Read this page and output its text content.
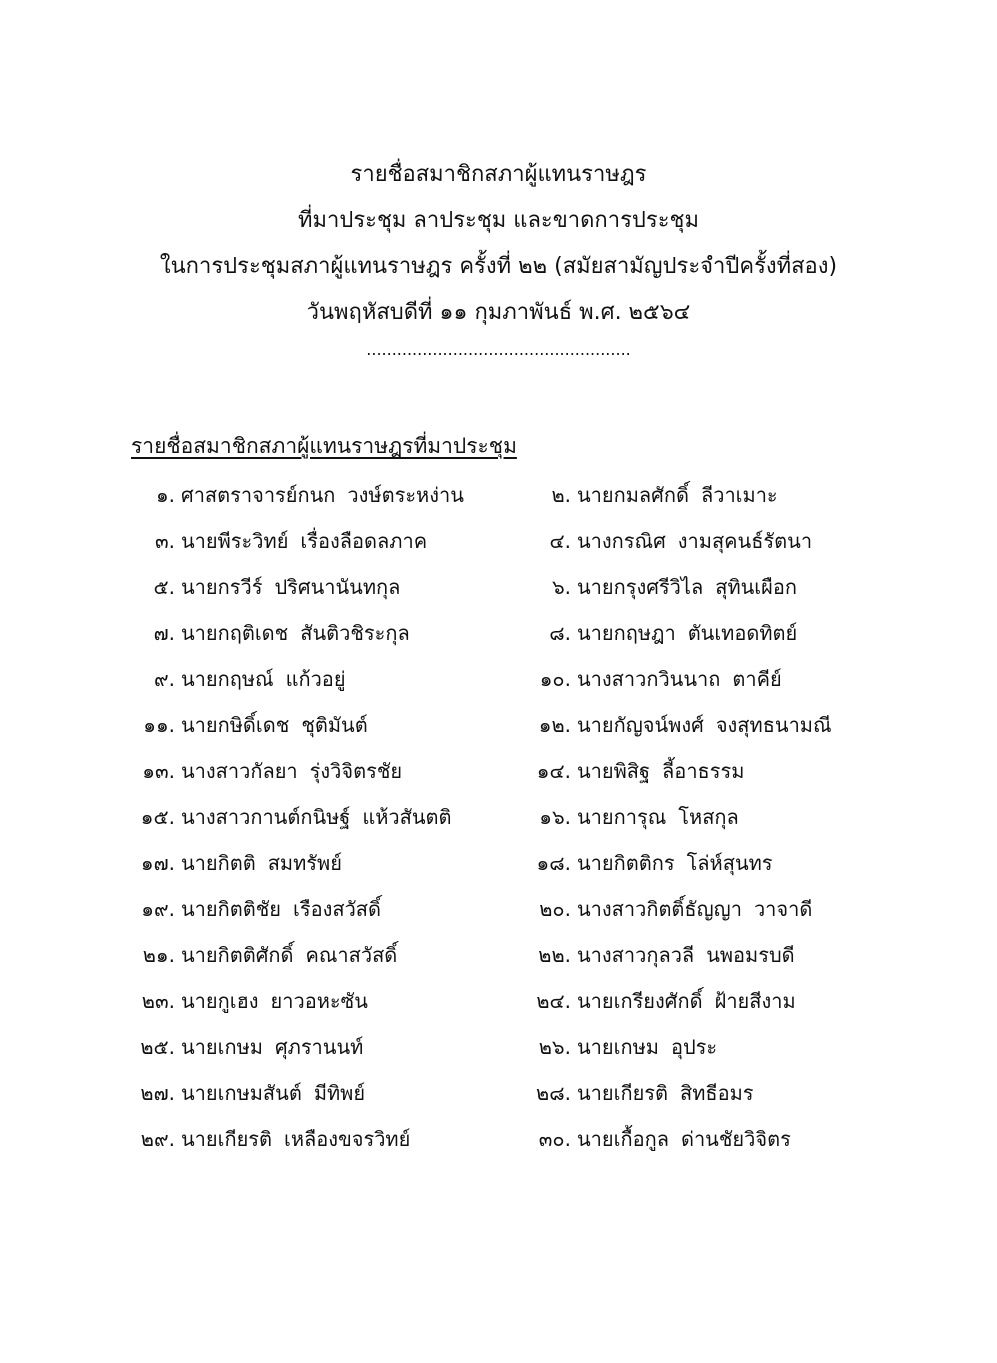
รายชื่อสมาชิกสภาผู้แทนราษฎร
ที่มาประชุม ลาประชุม และขาดการประชุม
ในการประชุมสภาผู้แทนราษฎร ครั้งที่ ๒๒ (สมัยสามัญประจำปีครั้งที่สอง)
วันพฤหัสบดีที่ ๑๑ กุมภาพันธ์ พ.ศ. ๒๕๖๔
....................................................
รายชื่อสมาชิกสภาผู้แทนราษฎรที่มาประชุม
๑. ศาสตราจารย์กนก วงษ์ตระหง่าน	๒. นายกมลศักดิ์ ลีวาเมาะ
๓. นายพีระวิทย์ เรื่องลือดลภาค	๔. นางกรณิศ งามสุคนธ์รัตนา
๕. นายกรวีร์ ปริศนานันทกุล	๖. นายกรุงศรีวิไล สุทินเผือก
๗. นายกฤติเดช สันติวชิระกุล	๘. นายกฤษฎา ตันเทอดทิตย์
๙. นายกฤษณ์ แก้วอยู่	๑๐. นางสาวกวินนาถ ตาคีย์
๑๑. นายกษิดิ์เดช ชุติมันต์	๑๒. นายกัญจน์พงศ์ จงสุทธนามณี
๑๓. นางสาวกัลยา รุ่งวิจิตรชัย	๑๔. นายพิสิฐ ลี้อาธรรม
๑๕. นางสาวกานต์กนิษฐ์ แห้วสันตติ	๑๖. นายการุณ โหสกุล
๑๗. นายกิตติ สมทรัพย์	๑๘. นายกิตติกร โล่ห์สุนทร
๑๙. นายกิตติชัย เรืองสวัสดิ์	๒๐. นางสาวกิตติ์ธัญญา วาจาดี
๒๑. นายกิตติศักดิ์ คณาสวัสดิ์	๒๒. นางสาวกุลวลี นพอมรบดี
๒๓. นายกูเฮง ยาวอหะซัน	๒๔. นายเกรียงศักดิ์ ฝ้ายสีงาม
๒๕. นายเกษม ศุภรานนท์	๒๖. นายเกษม อุประ
๒๗. นายเกษมสันต์ มีทิพย์	๒๘. นายเกียรติ สิทธีอมร
๒๙. นายเกียรติ เหลืองขจรวิทย์	๓๐. นายเกื้อกูล ด่านชัยวิจิตร
